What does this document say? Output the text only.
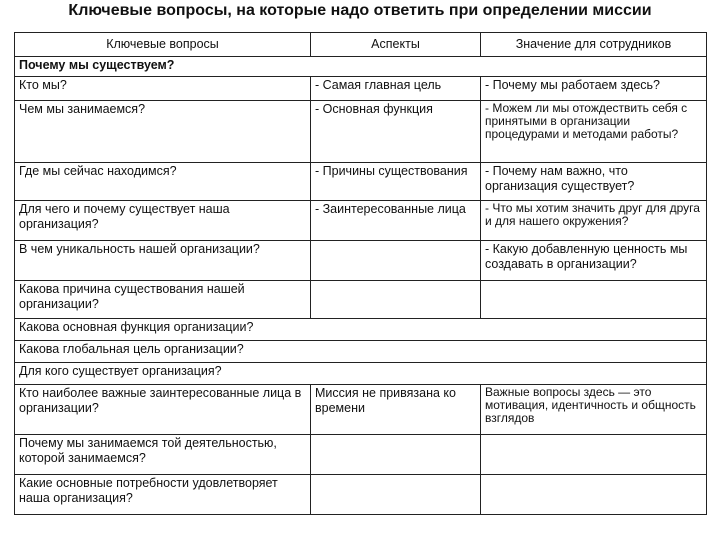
Ключевые вопросы, на которые надо ответить при определении миссии
Ключевые вопросы	Аспекты	Значение для сотрудников
Почему мы существуем?		
Кто мы?	- Самая главная цель	- Почему мы работаем здесь?
Чем мы занимаемся?	- Основная функция	- Можем ли мы отождествить себя с принятыми в организации процедурами и методами работы?
Где мы сейчас находимся?	- Причины существования	- Почему нам важно, что организация существует?
Для чего и почему существует наша организация?	- Заинтересованные лица	- Что мы хотим значить друг для друга и для нашего окружения?
В чем уникальность нашей организации?		- Какую добавленную ценность мы создавать в организации?
Какова причина существования нашей организации?		
Какова основная функция организации?		
Какова глобальная цель организации?		
Для кого существует организация?		
Кто наиболее важные заинтересованные лица в организации?	Миссия не привязана ко времени	Важные вопросы здесь — это мотивация, идентичность и общность взглядов
Почему мы занимаемся той деятельностью, которой занимаемся?		
Какие основные потребности удовлетворяет наша организация?		
